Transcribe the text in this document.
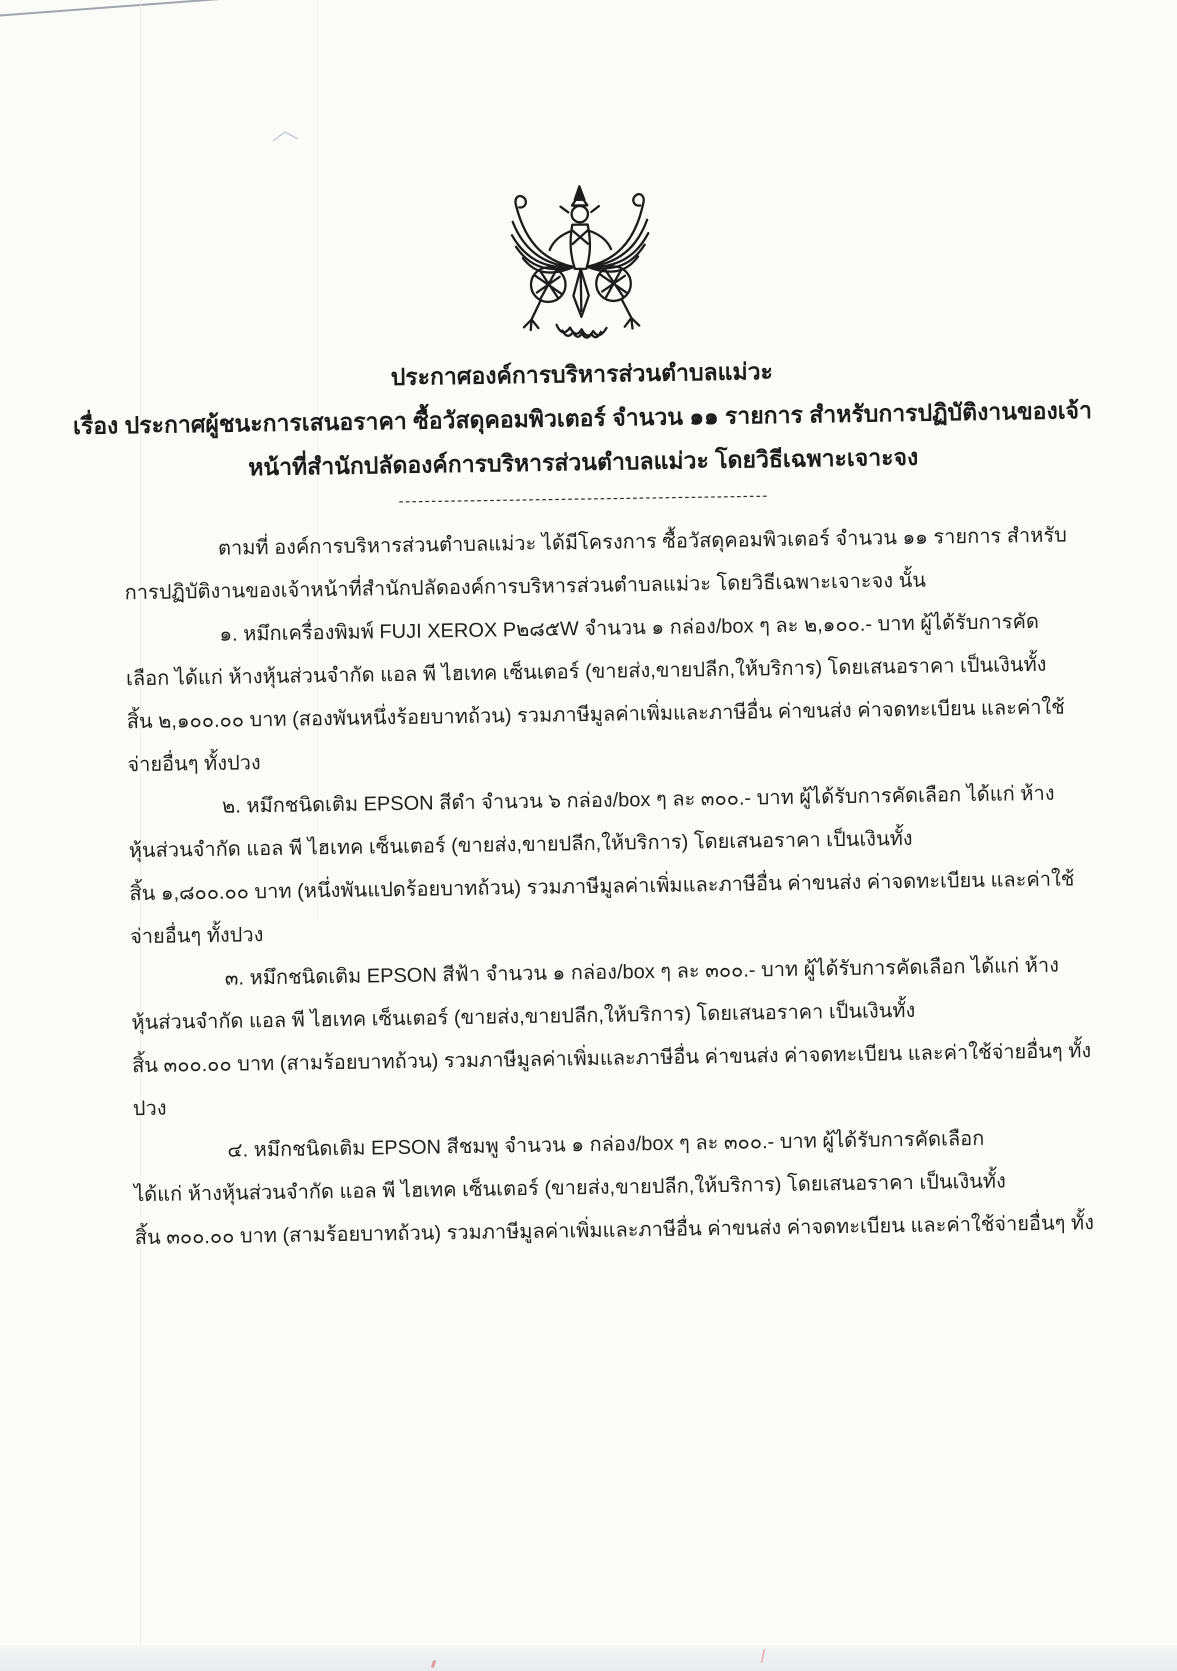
ประกาศองค์การบริหารส่วนตำบลแม่วะ
เรื่อง ประกาศผู้ชนะการเสนอราคา ซื้อวัสดุคอมพิวเตอร์ จำนวน ๑๑ รายการ สำหรับการปฏิบัติงานของเจ้า
หน้าที่สำนักปลัดองค์การบริหารส่วนตำบลแม่วะ โดยวิธีเฉพาะเจาะจง
---------------------------------------------------------
ตามที่ องค์การบริหารส่วนตำบลแม่วะ ได้มีโครงการ ซื้อวัสดุคอมพิวเตอร์ จำนวน ๑๑ รายการ สำหรับ
การปฏิบัติงานของเจ้าหน้าที่สำนักปลัดองค์การบริหารส่วนตำบลแม่วะ โดยวิธีเฉพาะเจาะจง นั้น
๑. หมึกเครื่องพิมพ์ FUJI XEROX P๒๘๕W จำนวน ๑ กล่อง/box ๆ ละ ๒,๑๐๐.- บาท ผู้ได้รับการคัด
เลือก ได้แก่ ห้างหุ้นส่วนจำกัด แอล พี ไฮเทค เซ็นเตอร์ (ขายส่ง,ขายปลีก,ให้บริการ) โดยเสนอราคา เป็นเงินทั้ง
สิ้น ๒,๑๐๐.๐๐ บาท (สองพันหนึ่งร้อยบาทถ้วน) รวมภาษีมูลค่าเพิ่มและภาษีอื่น ค่าขนส่ง ค่าจดทะเบียน และค่าใช้
จ่ายอื่นๆ ทั้งปวง
๒. หมึกชนิดเติม EPSON สีดำ จำนวน ๖ กล่อง/box ๆ ละ ๓๐๐.- บาท ผู้ได้รับการคัดเลือก ได้แก่ ห้าง
หุ้นส่วนจำกัด แอล พี ไฮเทค เซ็นเตอร์ (ขายส่ง,ขายปลีก,ให้บริการ) โดยเสนอราคา เป็นเงินทั้ง
สิ้น ๑,๘๐๐.๐๐ บาท (หนึ่งพันแปดร้อยบาทถ้วน) รวมภาษีมูลค่าเพิ่มและภาษีอื่น ค่าขนส่ง ค่าจดทะเบียน และค่าใช้
จ่ายอื่นๆ ทั้งปวง
๓. หมึกชนิดเติม EPSON สีฟ้า จำนวน ๑ กล่อง/box ๆ ละ ๓๐๐.- บาท ผู้ได้รับการคัดเลือก ได้แก่ ห้าง
หุ้นส่วนจำกัด แอล พี ไฮเทค เซ็นเตอร์ (ขายส่ง,ขายปลีก,ให้บริการ) โดยเสนอราคา เป็นเงินทั้ง
สิ้น ๓๐๐.๐๐ บาท (สามร้อยบาทถ้วน) รวมภาษีมูลค่าเพิ่มและภาษีอื่น ค่าขนส่ง ค่าจดทะเบียน และค่าใช้จ่ายอื่นๆ ทั้ง
ปวง
๔. หมึกชนิดเติม EPSON สีชมพู จำนวน ๑ กล่อง/box ๆ ละ ๓๐๐.- บาท ผู้ได้รับการคัดเลือก
ได้แก่ ห้างหุ้นส่วนจำกัด แอล พี ไฮเทค เซ็นเตอร์ (ขายส่ง,ขายปลีก,ให้บริการ) โดยเสนอราคา เป็นเงินทั้ง
สิ้น ๓๐๐.๐๐ บาท (สามร้อยบาทถ้วน) รวมภาษีมูลค่าเพิ่มและภาษีอื่น ค่าขนส่ง ค่าจดทะเบียน และค่าใช้จ่ายอื่นๆ ทั้ง
